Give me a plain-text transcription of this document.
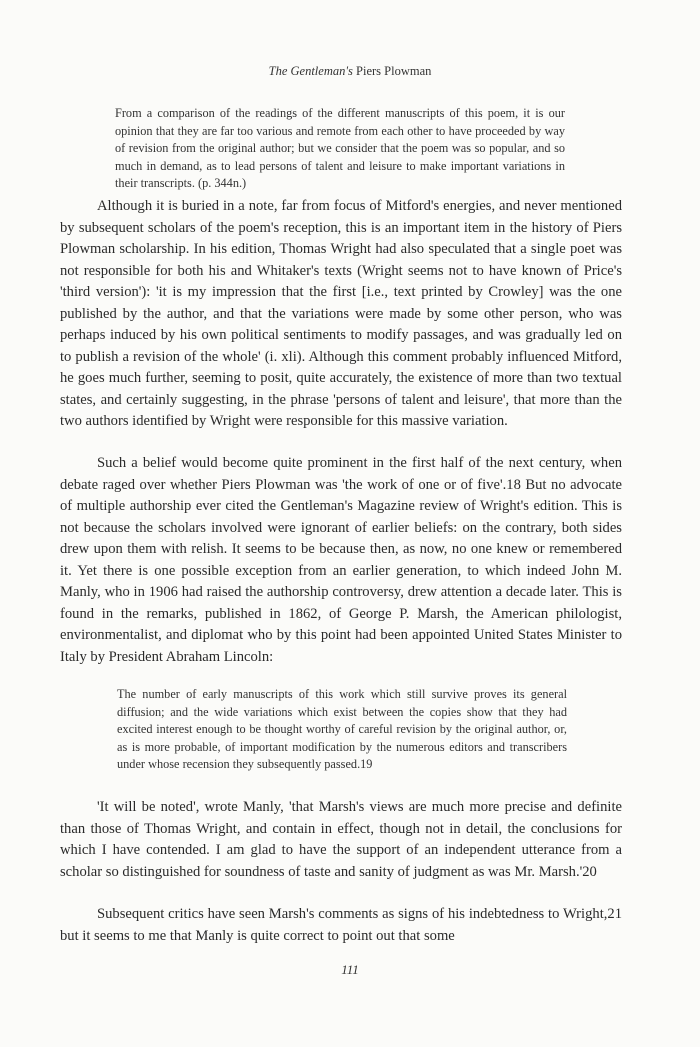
The Gentleman's Piers Plowman
From a comparison of the readings of the different manuscripts of this poem, it is our opinion that they are far too various and remote from each other to have proceeded by way of revision from the original author; but we consider that the poem was so popular, and so much in demand, as to lead persons of talent and leisure to make important variations in their transcripts. (p. 344n.)

Although it is buried in a note, far from focus of Mitford's energies, and never mentioned by subsequent scholars of the poem's reception, this is an important item in the history of Piers Plowman scholarship. In his edition, Thomas Wright had also speculated that a single poet was not responsible for both his and Whitaker's texts (Wright seems not to have known of Price's 'third version'): 'it is my impression that the first [i.e., text printed by Crowley] was the one published by the author, and that the variations were made by some other person, who was perhaps induced by his own political sentiments to modify passages, and was gradually led on to publish a revision of the whole' (i. xli). Although this comment probably influenced Mitford, he goes much further, seeming to posit, quite accurately, the existence of more than two textual states, and certainly suggesting, in the phrase 'persons of talent and leisure', that more than the two authors identified by Wright were responsible for this massive variation.

Such a belief would become quite prominent in the first half of the next century, when debate raged over whether Piers Plowman was 'the work of one or of five'.18 But no advocate of multiple authorship ever cited the Gentleman's Magazine review of Wright's edition. This is not because the scholars involved were ignorant of earlier beliefs: on the contrary, both sides drew upon them with relish. It seems to be because then, as now, no one knew or remembered it. Yet there is one possible exception from an earlier generation, to which indeed John M. Manly, who in 1906 had raised the authorship controversy, drew attention a decade later. This is found in the remarks, published in 1862, of George P. Marsh, the American philologist, environmentalist, and diplomat who by this point had been appointed United States Minister to Italy by President Abraham Lincoln:

The number of early manuscripts of this work which still survive proves its general diffusion; and the wide variations which exist between the copies show that they had excited interest enough to be thought worthy of careful revision by the original author, or, as is more probable, of important modification by the numerous editors and transcribers under whose recension they subsequently passed.19

'It will be noted', wrote Manly, 'that Marsh's views are much more precise and definite than those of Thomas Wright, and contain in effect, though not in detail, the conclusions for which I have contended. I am glad to have the support of an independent utterance from a scholar so distinguished for soundness of taste and sanity of judgment as was Mr. Marsh.'20

Subsequent critics have seen Marsh's comments as signs of his indebtedness to Wright,21 but it seems to me that Manly is quite correct to point out that some

111
